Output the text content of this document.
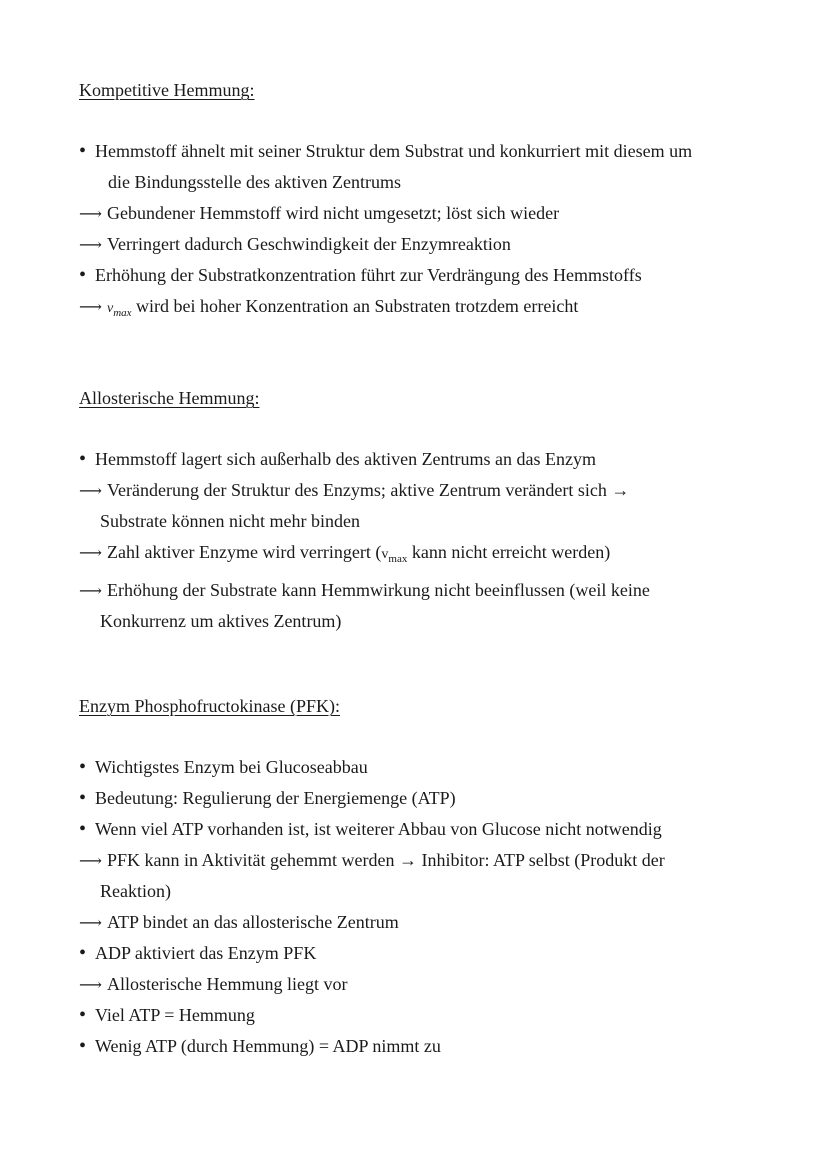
Kompetitive Hemmung:
• Hemmstoff ähnelt mit seiner Struktur dem Substrat und konkurriert mit diesem um
die Bindungsstelle des aktiven Zentrums
⟶ Gebundener Hemmstoff wird nicht umgesetzt; löst sich wieder
⟶ Verringert dadurch Geschwindigkeit der Enzymreaktion
• Erhöhung der Substratkonzentration führt zur Verdrängung des Hemmstoffs
⟶ $v_{max}$ wird bei hoher Konzentration an Substraten trotzdem erreicht
Allosterische Hemmung:
• Hemmstoff lagert sich außerhalb des aktiven Zentrums an das Enzym
⟶ Veränderung der Struktur des Enzyms; aktive Zentrum verändert sich →
Substrate können nicht mehr binden
⟶ Zahl aktiver Enzyme wird verringert ($v_{max}$ kann nicht erreicht werden)
⟶ Erhöhung der Substrate kann Hemmwirkung nicht beeinflussen (weil keine
Konkurrenz um aktives Zentrum)
Enzym Phosphofructokinase (PFK):
• Wichtigstes Enzym bei Glucoseabbau
• Bedeutung: Regulierung der Energiemenge (ATP)
• Wenn viel ATP vorhanden ist, ist weiterer Abbau von Glucose nicht notwendig
⟶ PFK kann in Aktivität gehemmt werden → Inhibitor: ATP selbst (Produkt der
Reaktion)
⟶ ATP bindet an das allosterische Zentrum
• ADP aktiviert das Enzym PFK
⟶ Allosterische Hemmung liegt vor
• Viel ATP = Hemmung
• Wenig ATP (durch Hemmung) = ADP nimmt zu
